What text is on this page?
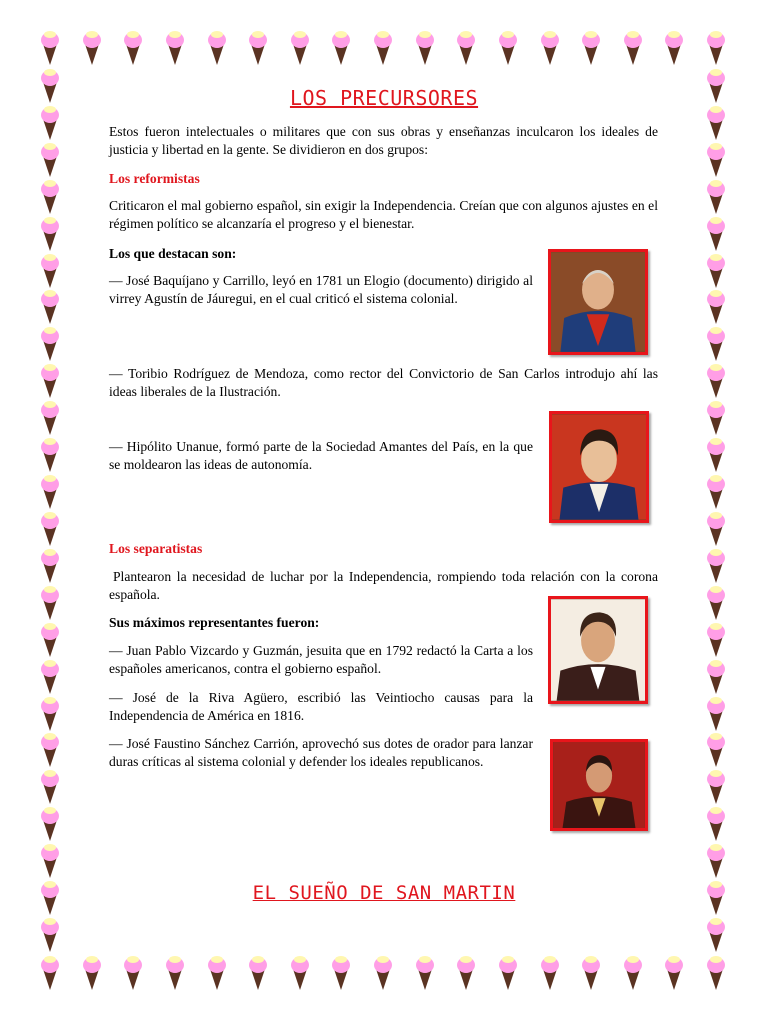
LOS PRECURSORES

Estos fueron intelectuales o militares que con sus obras y enseñanzas inculcaron los ideales de justicia y libertad en la gente. Se dividieron en dos grupos:

Los reformistas

Criticaron el mal gobierno español, sin exigir la Independencia. Creían que con algunos ajustes en el régimen político se alcanzaría el progreso y el bienestar.

Los que destacan son:

— José Baquíjano y Carrillo, leyó en 1781 un Elogio (documento) dirigido al virrey Agustín de Jáuregui, en el cual criticó el sistema colonial.

— Toribio Rodríguez de Mendoza, como rector del Convictorio de San Carlos introdujo ahí las ideas liberales de la Ilustración.

— Hipólito Unanue, formó parte de la Sociedad Amantes del País, en la que se moldearon las ideas de autonomía.

Los separatistas

Plantearon la necesidad de luchar por la Independencia, rompiendo toda relación con la corona española.

Sus máximos representantes fueron:

— Juan Pablo Vizcardo y Guzmán, jesuita que en 1792 redactó la Carta a los españoles americanos, contra el gobierno español.

— José de la Riva Agüero, escribió las Veintiocho causas para la Independencia de América en 1816.

— José Faustino Sánchez Carrión, aprovechó sus dotes de orador para lanzar duras críticas al sistema colonial y defender los ideales republicanos.

EL SUEÑO DE SAN MARTIN
